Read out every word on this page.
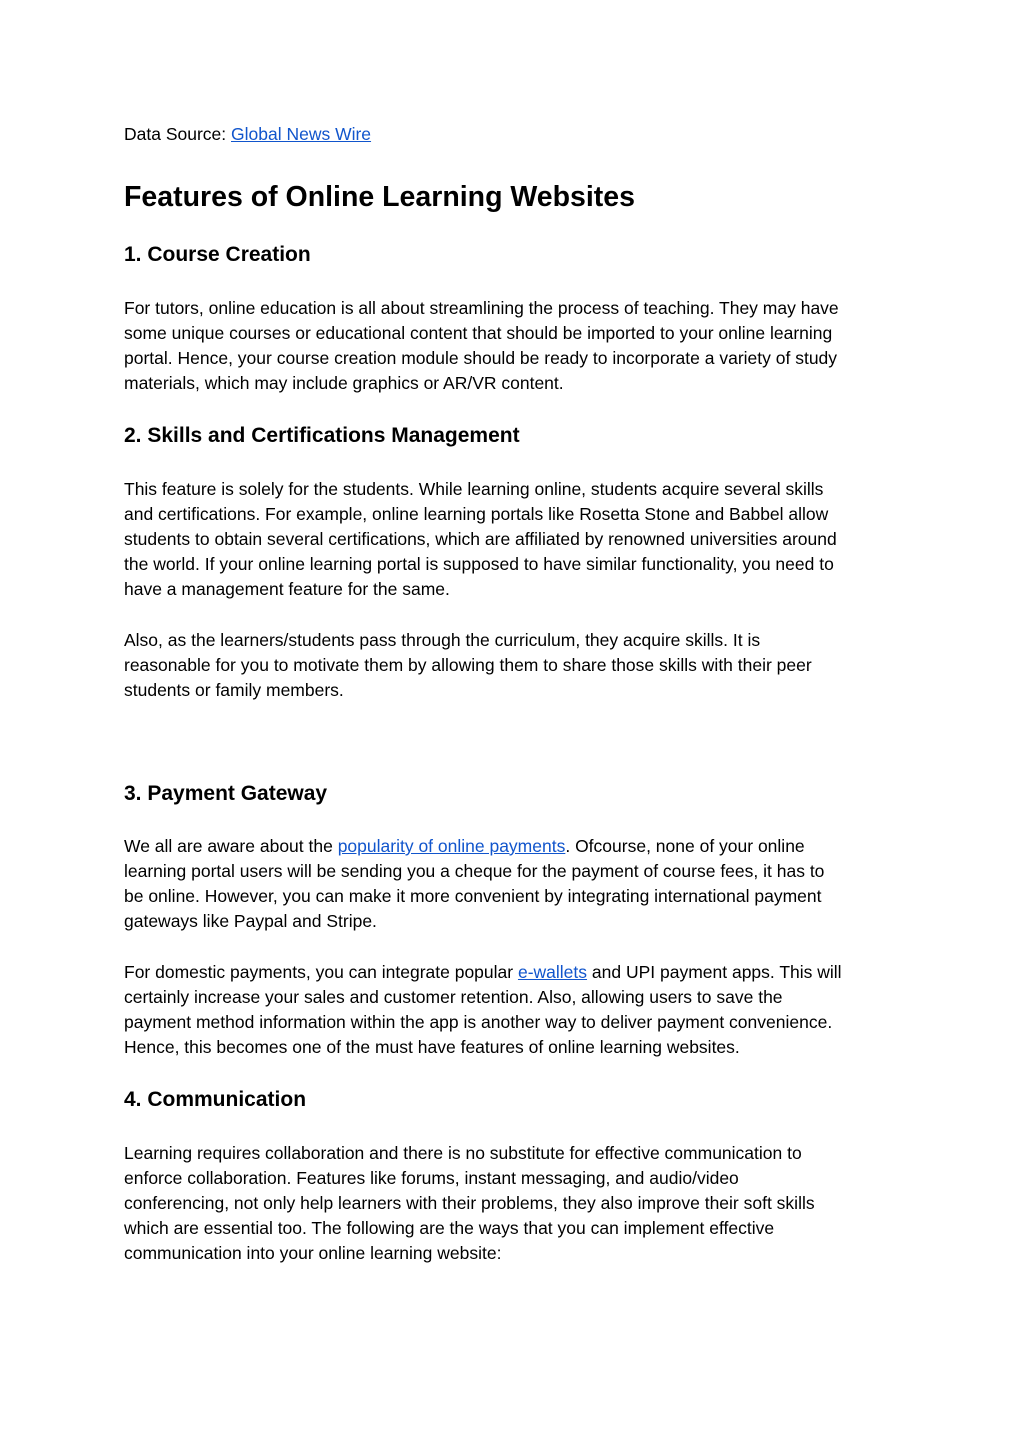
Data Source: Global News Wire

Features of Online Learning Websites
1. Course Creation
For tutors, online education is all about streamlining the process of teaching. They may have
some unique courses or educational content that should be imported to your online learning
portal. Hence, your course creation module should be ready to incorporate a variety of study
materials, which may include graphics or AR/VR content.
2. Skills and Certifications Management
This feature is solely for the students. While learning online, students acquire several skills
and certifications. For example, online learning portals like Rosetta Stone and Babbel allow
students to obtain several certifications, which are affiliated by renowned universities around
the world. If your online learning portal is supposed to have similar functionality, you need to
have a management feature for the same.
Also, as the learners/students pass through the curriculum, they acquire skills. It is
reasonable for you to motivate them by allowing them to share those skills with their peer
students or family members.
3. Payment Gateway
We all are aware about the popularity of online payments. Ofcourse, none of your online
learning portal users will be sending you a cheque for the payment of course fees, it has to
be online. However, you can make it more convenient by integrating international payment
gateways like Paypal and Stripe.
For domestic payments, you can integrate popular e-wallets and UPI payment apps. This will
certainly increase your sales and customer retention. Also, allowing users to save the
payment method information within the app is another way to deliver payment convenience.
Hence, this becomes one of the must have features of online learning websites.
4. Communication
Learning requires collaboration and there is no substitute for effective communication to
enforce collaboration. Features like forums, instant messaging, and audio/video
conferencing, not only help learners with their problems, they also improve their soft skills
which are essential too. The following are the ways that you can implement effective
communication into your online learning website:
